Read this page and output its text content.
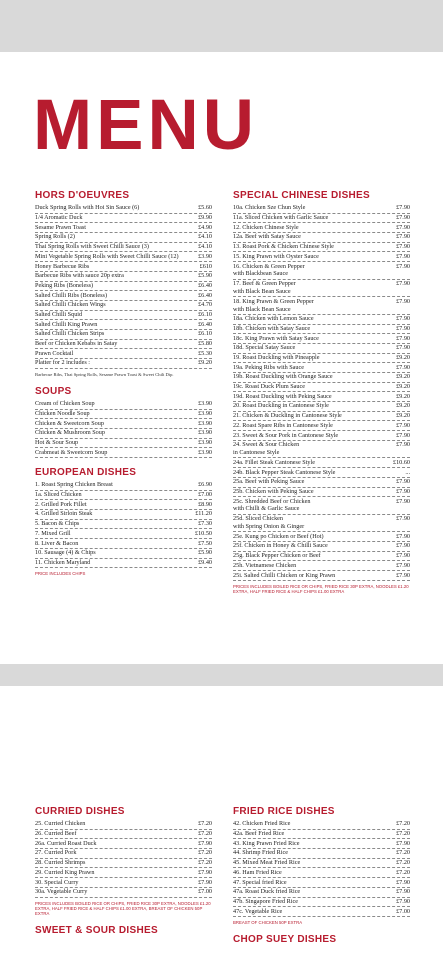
MENU
HORS D'OEUVRES
Duck Spring Rolls with Hoi Sin Sauce (6)	£5.60
1/4 Aromatic Duck	£9.90
Sesame Prawn Toast	£4.90
Spring Rolls (2)	£4.10
Thai Spring Rolls with Sweet Chilli Sauce (3)	£4.10
Mini Vegetable Spring Rolls with Sweet Chilli Sauce (12)	£3.90
Honey Barbecue Ribs	£610
Barbecue Ribs with sauce 20p extra	£5.90
Peking Ribs (Boneless)	£6.40
Salted Chilli Ribs (Boneless)	£6.40
Salted Chilli Chicken Wings	£4.70
Salted Chilli Squid	£6.10
Salted Chilli King Prawn	£6.40
Salted Chilli Chicken Strips	£6.10
Beef or Chicken Kebabs in Satay	£5.80
Prawn Cocktail	£5.30
Platter for 2 includes :	£9.20
Barbecue Ribs, Thai Spring Rolls, Sesame Prawn Toast & Sweet Chili Dip.
SOUPS
Cream of Chicken Soup	£3.90
Chicken Noodle Soup	£3.90
Chicken & Sweetcorn Soup	£3.90
Chicken & Mushroom Soup	£3.90
Hot & Sour Soup	£3.90
Crabmeat & Sweetcorn Soup	£3.90
EUROPEAN DISHES
1. Roast Spring Chicken Breast	£6.90
1a. Sliced Chicken	£7.00
2. Grilled Pork Fillet	£8.90
4. Grilled Sirloin Steak	£11.20
5. Bacon & Chips	£7.30
7. Mixed Grill	£10.50
8. Liver & Bacon	£7.50
10. Sausage (4) & Chips	£5.90
11. Chicken Maryland	£9.40
PRICE INCLUDES CHIPS
SPECIAL CHINESE DISHES
10a. Chicken Sze Chun Style	£7.90
11a. Sliced Chicken with Garlic Sauce	£7.90
12. Chicken Chinese Style	£7.90
12a. Beef with Satay Sauce	£7.90
13. Roast Pork & Chicken Chinese Style	£7.90
15. King Prawn with Oyster Sauce	£7.90
16. Chicken & Green Pepper
with Blackbean Sauce
£7.90
17. Beef & Green Pepper
with Black Bean Sauce
£7.90
18. King Prawn & Green Pepper
with Black Bean Sauce
£7.90
18a. Chicken with Lemon Sauce	£7.90
18b. Chicken with Satay Sauce	£7.90
18c. King Prawn with Satay Sauce	£7.90
18d. Special Satay Sauce	£7.90
19. Roast Duckling with Pineapple	£9.20
19a. Peking Ribs with Sauce	£7.90
19b. Roast Duckling with Orange Sauce	£9.20
19c. Roast Duck Plum Sauce	£9.20
19d. Roast Duckling with Peking Sauce	£9.20
20. Roast Duckling in Cantonese Style	£9.20
21. Chicken & Duckling in Cantonese Style	£9.20
22. Roast Spare Ribs in Cantonese Style	£7.90
23. Sweet & Sour Pork in Cantonese Style	£7.90
24. Sweet & Sour Chicken
in Cantonese Style
£7.90
24a. Fillet Steak Cantonese Style	£10.60
24b. Black Pepper Steak Cantonese Style	...
25a. Beef with Peking Sauce	£7.90
25b. Chicken with Peking Sauce	£7.90
25c. Shredded Beef or Chicken
with Chilli & Garlic Sauce
£7.90
25d. Sliced Chicken
with Spring Onion & Ginger
£7.90
25e. Kung po Chicken or Beef (Hot)	£7.90
25f. Chicken in Honey & Chilli Sauce	£7.90
25g. Black Pepper Chicken or Beef	£7.90
25h. Vietnamese Chicken	£7.90
25i. Salted Chilli Chicken or King Prawn	£7.90
PRICES INCLUDES BOILED RICE OR CHIPS, FRIED RICE 30P EXTRA, NOODLES £1.20 EXTRA, HALF FRIED RICE & HALF CHIPS £1.00 EXTRA
CURRIED DISHES
25. Curried Chicken	£7.20
26. Curried Beef	£7.20
26a. Curried Roast Duck	£7.90
27. Curried Pork	£7.20
28. Curried Shrimps	£7.20
29. Curried King Prawn	£7.90
30. Special Curry	£7.90
30a. Vegetable Curry	£7.00
PRICES INCLUDES BOILED RICE OR CHIPS, FRIED RICE 30P EXTRA, NOODLES £1.20 EXTRA, HALF FRIED RICE & HALF CHIPS £1.00 EXTRA, BREAST OF CHICKEN 50P EXTRA
SWEET & SOUR DISHES
FRIED RICE DISHES
42. Chicken Fried Rice	£7.20
42a. Beef Fried Rice	£7.20
43. King Prawn Fried Rice	£7.90
44. Shrimp Fried Rice	£7.20
45. Mixed Meat Fried Rice	£7.20
46. Ham Fried Rice	£7.20
47. Special fried Rice	£7.90
47a. Roast Duck fried Rice	£7.90
47b. Singapore Fried Rice	£7.90
47c. Vegetable Rice	£7.00
BREAST OF CHICKEN 50P EXTRA
CHOP SUEY DISHES
